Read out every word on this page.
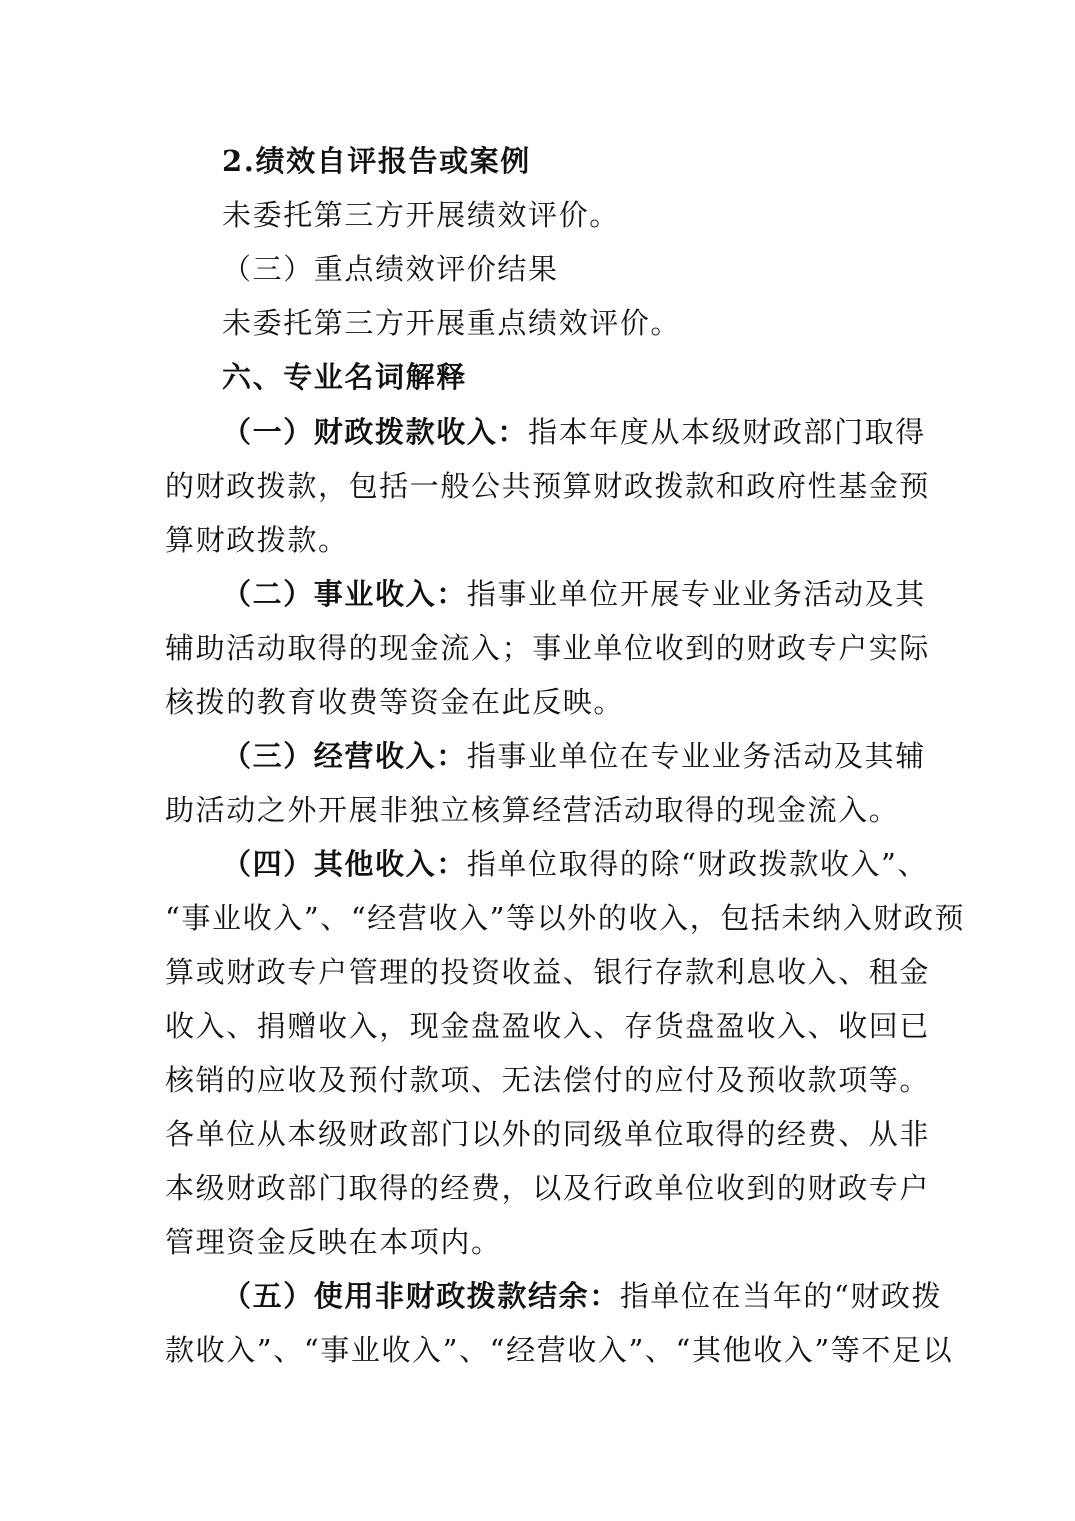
2.绩效自评报告或案例
未委托第三方开展绩效评价。
（三）重点绩效评价结果
未委托第三方开展重点绩效评价。
六、专业名词解释
（一）财政拨款收入：指本年度从本级财政部门取得
的财政拨款，包括一般公共预算财政拨款和政府性基金预
算财政拨款。
（二）事业收入：指事业单位开展专业业务活动及其
辅助活动取得的现金流入；事业单位收到的财政专户实际
核拨的教育收费等资金在此反映。
（三）经营收入：指事业单位在专业业务活动及其辅
助活动之外开展非独立核算经营活动取得的现金流入。
（四）其他收入：指单位取得的除“财政拨款收入”、
“事业收入”、“经营收入”等以外的收入，包括未纳入财政预
算或财政专户管理的投资收益、银行存款利息收入、租金
收入、捐赠收入，现金盘盈收入、存货盘盈收入、收回已
核销的应收及预付款项、无法偿付的应付及预收款项等。
各单位从本级财政部门以外的同级单位取得的经费、从非
本级财政部门取得的经费，以及行政单位收到的财政专户
管理资金反映在本项内。
（五）使用非财政拨款结余：指单位在当年的“财政拨
款收入”、“事业收入”、“经营收入”、“其他收入”等不足以
